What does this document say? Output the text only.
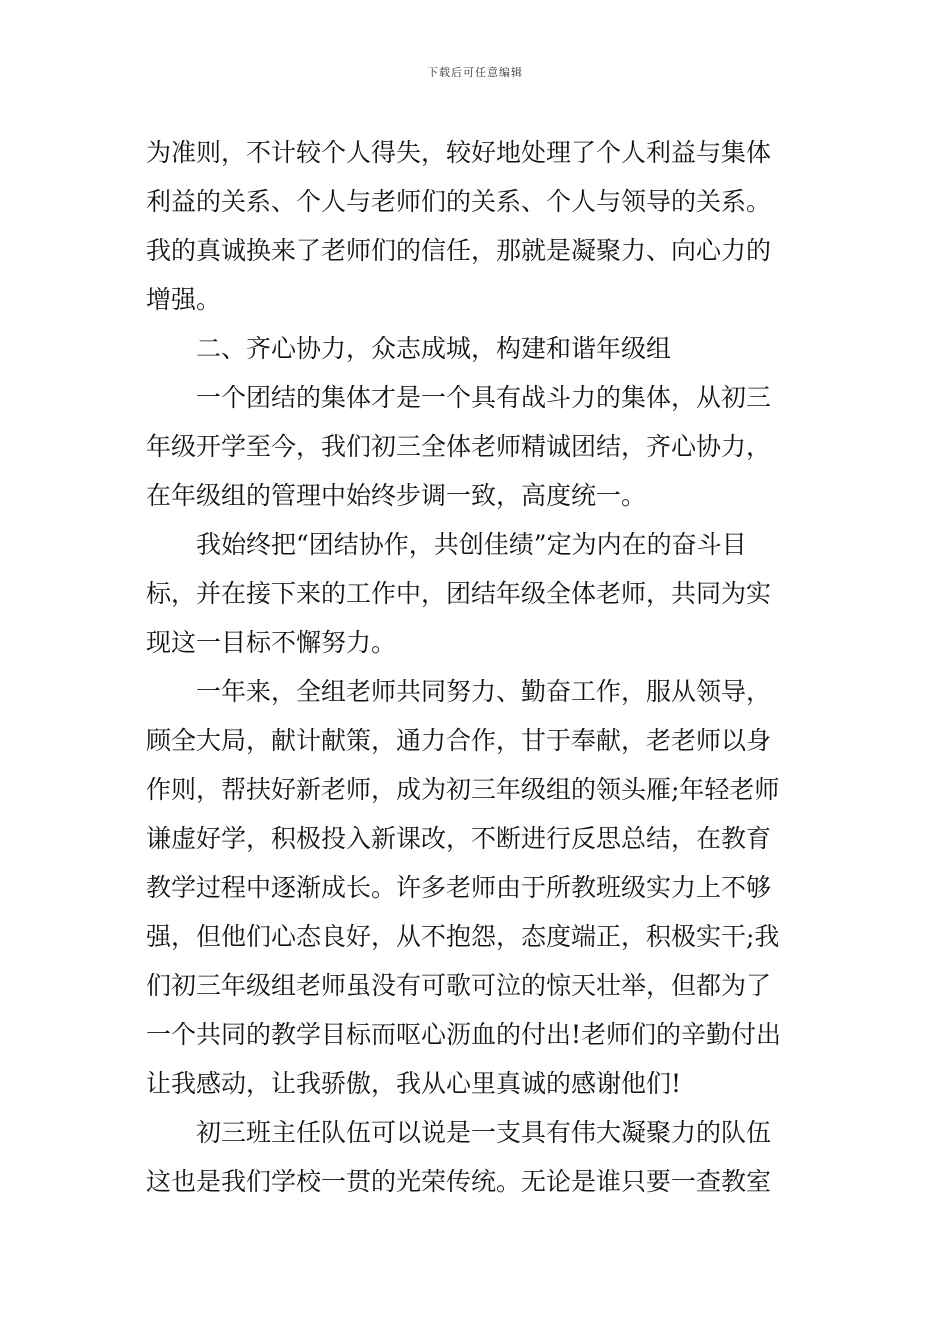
下载后可任意编辑
为准则，不计较个人得失，较好地处理了个人利益与集体
利益的关系、个人与老师们的关系、个人与领导的关系。
我的真诚换来了老师们的信任，那就是凝聚力、向心力的
增强。
二、齐心协力，众志成城，构建和谐年级组
一个团结的集体才是一个具有战斗力的集体，从初三
年级开学至今，我们初三全体老师精诚团结，齐心协力，
在年级组的管理中始终步调一致，高度统一。
我始终把“团结协作，共创佳绩”定为内在的奋斗目
标，并在接下来的工作中，团结年级全体老师，共同为实
现这一目标不懈努力。
一年来，全组老师共同努力、勤奋工作，服从领导，
顾全大局，献计献策，通力合作，甘于奉献，老老师以身
作则，帮扶好新老师，成为初三年级组的领头雁;年轻老师
谦虚好学，积极投入新课改，不断进行反思总结，在教育
教学过程中逐渐成长。许多老师由于所教班级实力上不够
强，但他们心态良好，从不抱怨，态度端正，积极实干;我
们初三年级组老师虽没有可歌可泣的惊天壮举，但都为了
一个共同的教学目标而呕心沥血的付出!老师们的辛勤付出
让我感动，让我骄傲，我从心里真诚的感谢他们!
初三班主任队伍可以说是一支具有伟大凝聚力的队伍
这也是我们学校一贯的光荣传统。无论是谁只要一查教室
